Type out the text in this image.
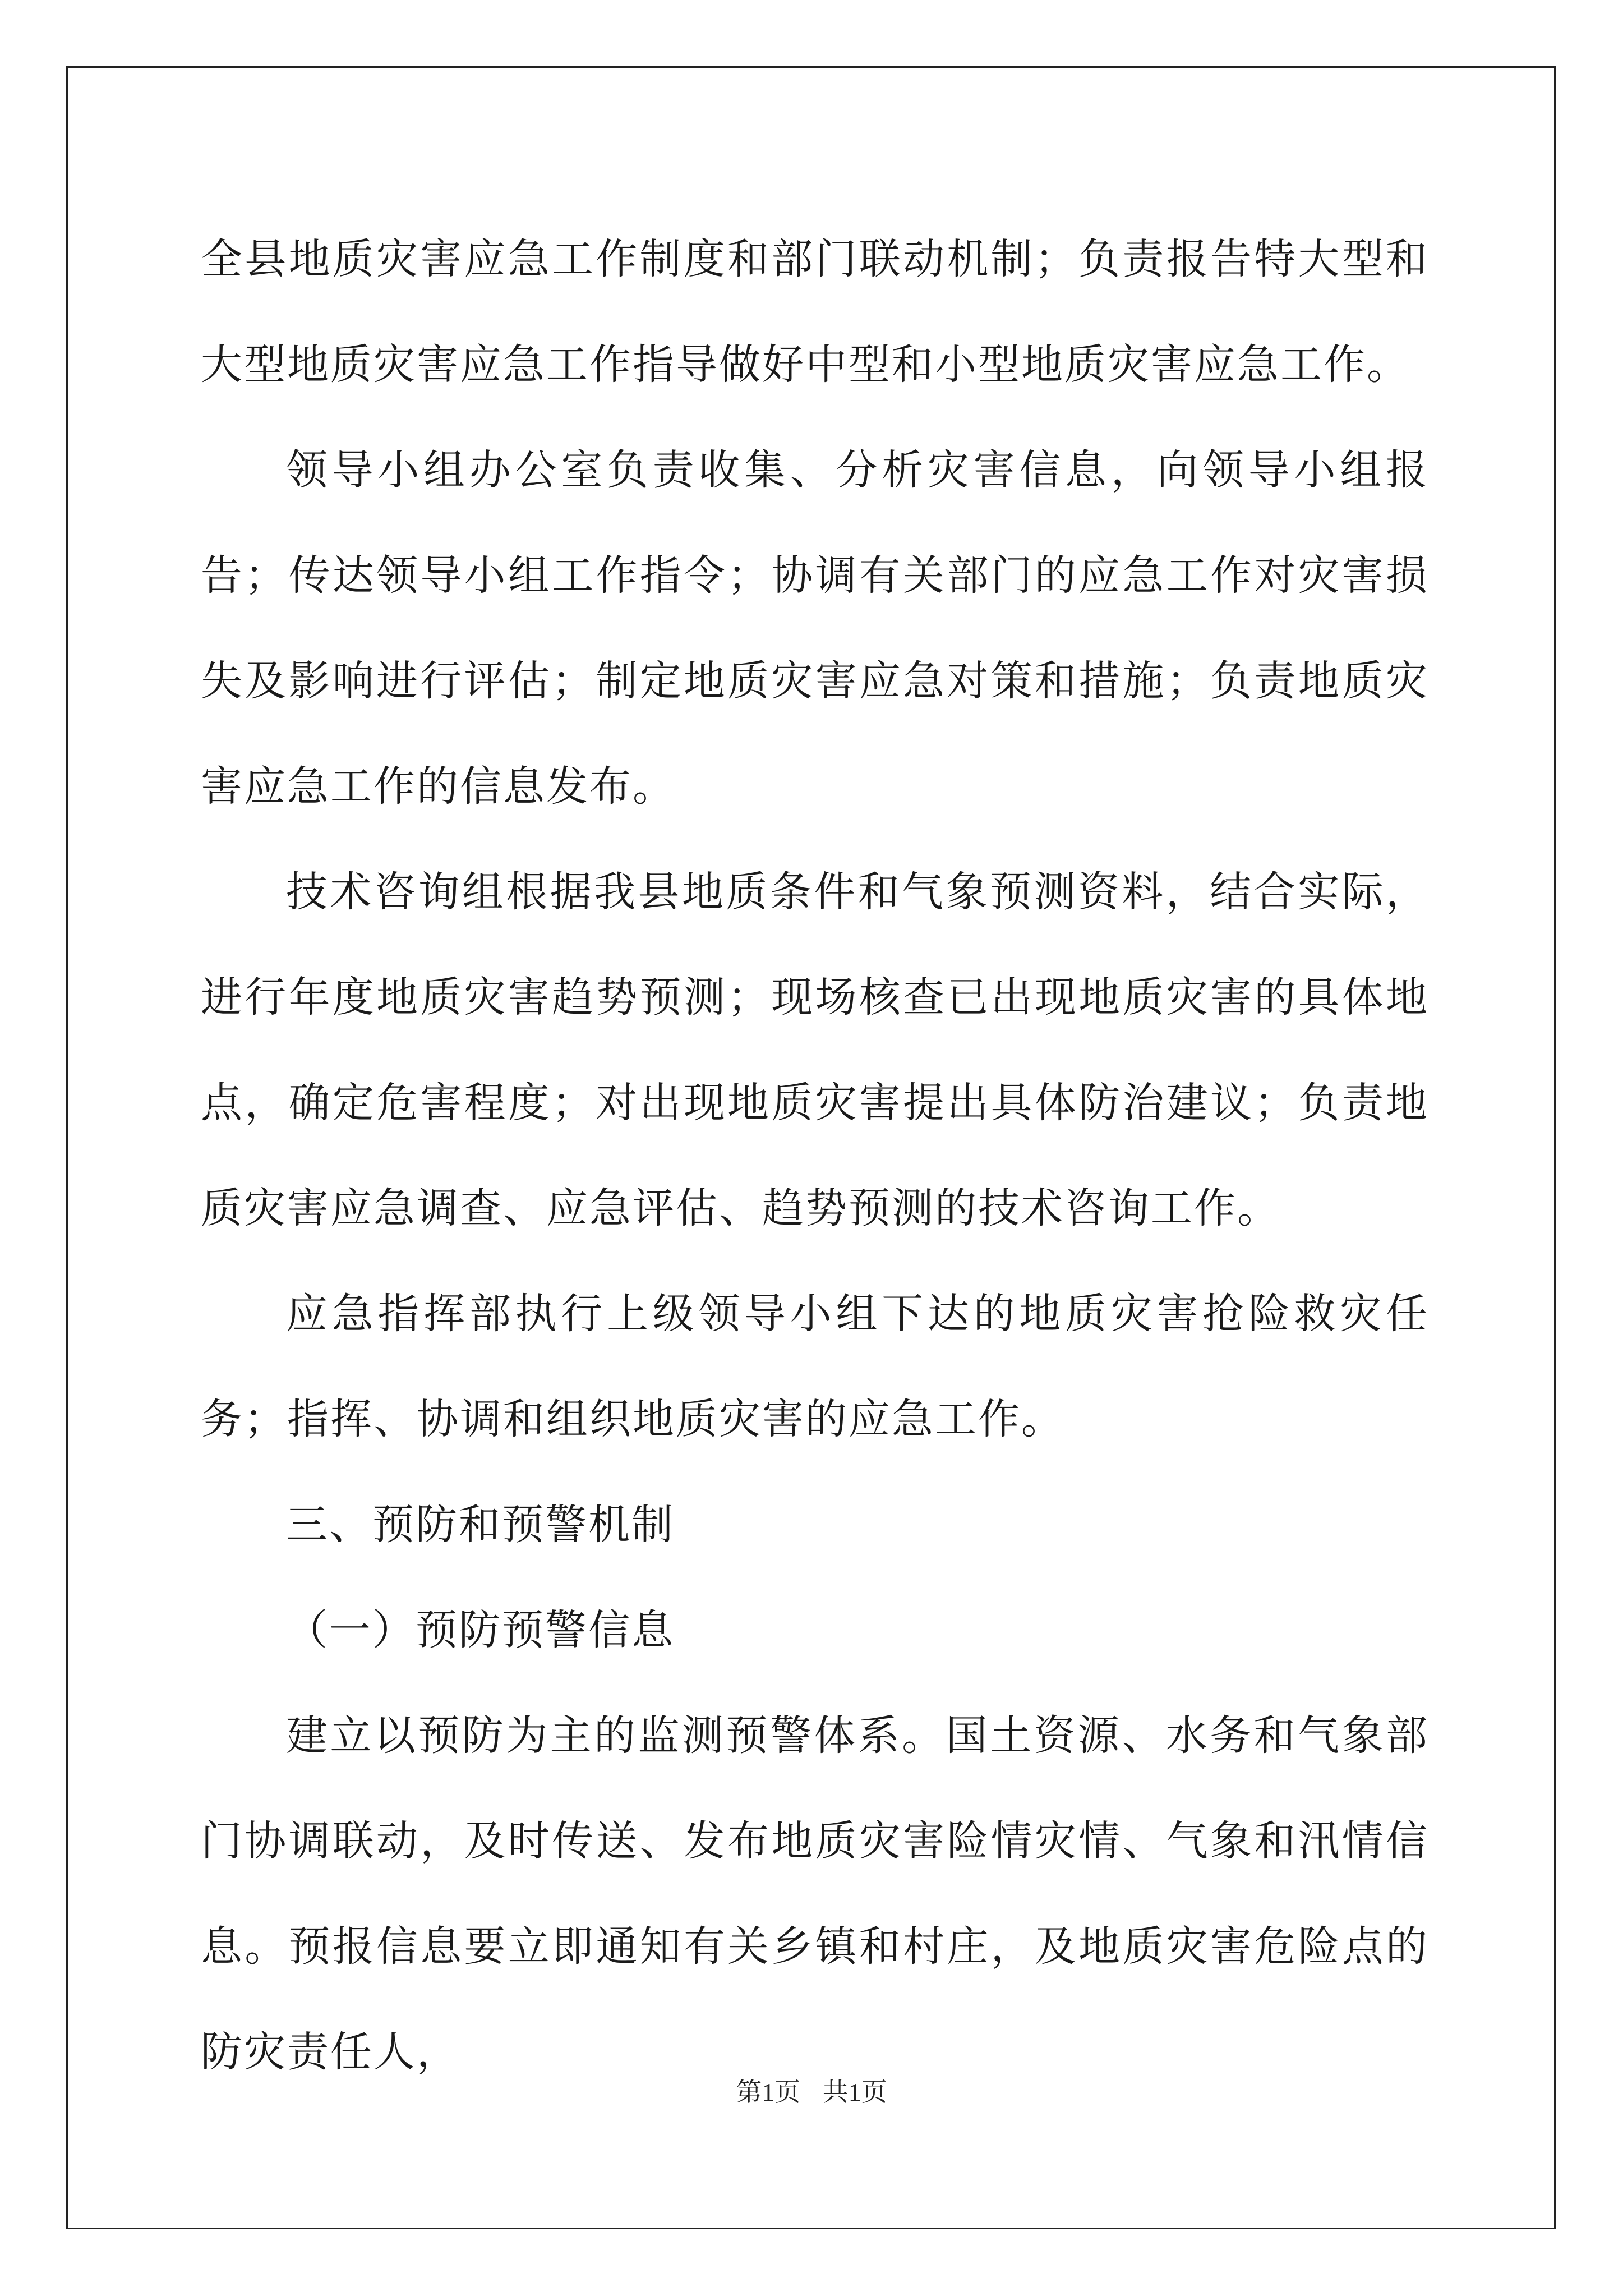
全县地质灾害应急工作制度和部门联动机制；负责报告特大型和大型地质灾害应急工作指导做好中型和小型地质灾害应急工作。

领导小组办公室负责收集、分析灾害信息，向领导小组报告；传达领导小组工作指令；协调有关部门的应急工作对灾害损失及影响进行评估；制定地质灾害应急对策和措施；负责地质灾害应急工作的信息发布。

技术咨询组根据我县地质条件和气象预测资料，结合实际，进行年度地质灾害趋势预测；现场核查已出现地质灾害的具体地点，确定危害程度；对出现地质灾害提出具体防治建议；负责地质灾害应急调查、应急评估、趋势预测的技术咨询工作。

应急指挥部执行上级领导小组下达的地质灾害抢险救灾任务；指挥、协调和组织地质灾害的应急工作。

三、预防和预警机制

（一）预防预警信息

建立以预防为主的监测预警体系。国土资源、水务和气象部门协调联动，及时传送、发布地质灾害险情灾情、气象和汛情信息。预报信息要立即通知有关乡镇和村庄，及地质灾害危险点的防灾责任人，

第1页 共1页
